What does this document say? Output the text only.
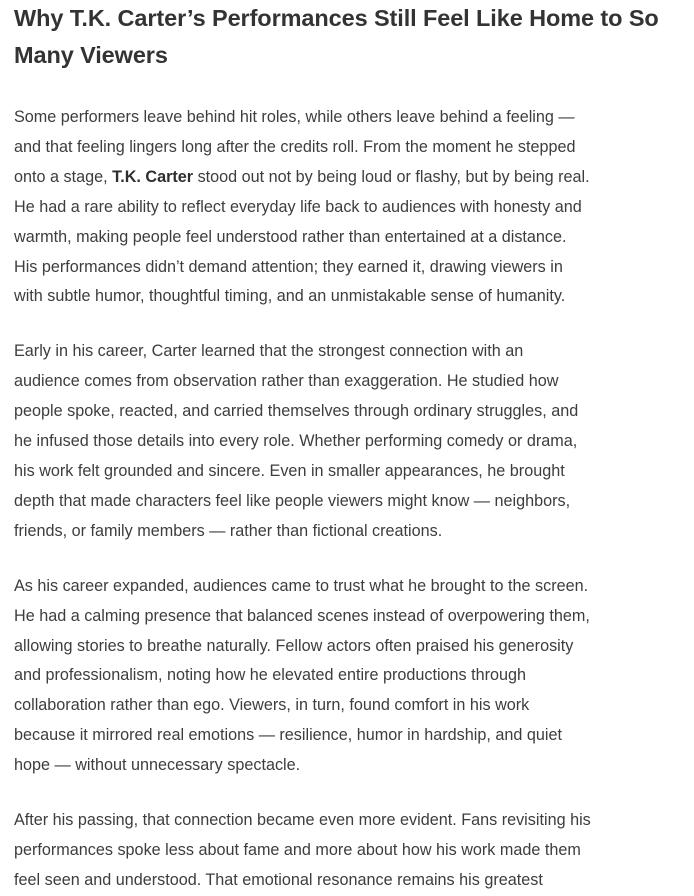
Why T.K. Carter’s Performances Still Feel Like Home to So
Many Viewers

Some performers leave behind hit roles, while others leave behind a feeling —
and that feeling lingers long after the credits roll. From the moment he stepped
onto a stage, T.K. Carter stood out not by being loud or flashy, but by being real.
He had a rare ability to reflect everyday life back to audiences with honesty and
warmth, making people feel understood rather than entertained at a distance.
His performances didn’t demand attention; they earned it, drawing viewers in
with subtle humor, thoughtful timing, and an unmistakable sense of humanity.

Early in his career, Carter learned that the strongest connection with an
audience comes from observation rather than exaggeration. He studied how
people spoke, reacted, and carried themselves through ordinary struggles, and
he infused those details into every role. Whether performing comedy or drama,
his work felt grounded and sincere. Even in smaller appearances, he brought
depth that made characters feel like people viewers might know — neighbors,
friends, or family members — rather than fictional creations.

As his career expanded, audiences came to trust what he brought to the screen.
He had a calming presence that balanced scenes instead of overpowering them,
allowing stories to breathe naturally. Fellow actors often praised his generosity
and professionalism, noting how he elevated entire productions through
collaboration rather than ego. Viewers, in turn, found comfort in his work
because it mirrored real emotions — resilience, humor in hardship, and quiet
hope — without unnecessary spectacle.

After his passing, that connection became even more evident. Fans revisiting his
performances spoke less about fame and more about how his work made them
feel seen and understood. That emotional resonance remains his greatest
